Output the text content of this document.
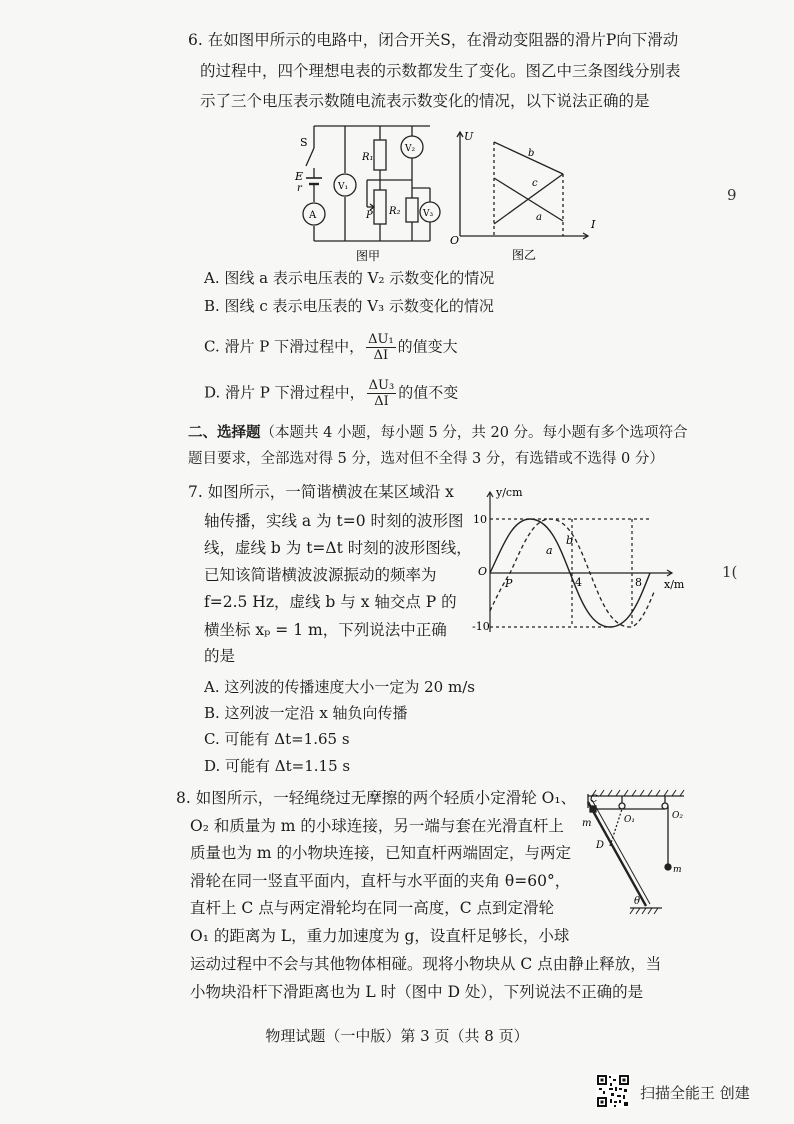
6. 在如图甲所示的电路中，闭合开关S，在滑动变阻器的滑片P向下滑动
的过程中，四个理想电表的示数都发生了变化。图乙中三条图线分别表
示了三个电压表示数随电流表示数变化的情况，以下说法正确的是
S
E
r
A
V₁
R₁
P R₂
V₂
V₃
图甲
U
I
O
b
c
a
图乙
A. 图线 a 表示电压表的 V₂ 示数变化的情况
B. 图线 c 表示电压表的 V₃ 示数变化的情况
C. 滑片 P 下滑过程中， $\frac{\text{ΔU₁}}{\Delta I}$ 的值变大
D. 滑片 P 下滑过程中， $\frac{\text{ΔU₃}}{\Delta I}$ 的值不变
二、选择题（本题共 4 小题，每小题 5 分，共 20 分。每小题有多个选项符合
题目要求，全部选对得 5 分，选对但不全得 3 分，有选错或不选得 0 分）
7. 如图所示，一简谐横波在某区域沿 x
轴传播，实线 a 为 t=0 时刻的波形图
线，虚线 b 为 t=Δt 时刻的波形图线，
已知该简谐横波波源振动的频率为
f=2.5 Hz，虚线 b 与 x 轴交点 P 的
横坐标 xₚ = 1 m，下列说法中正确
的是
y/cm
x/m
10
-10
O
P	4	8
a
b
A. 这列波的传播速度大小一定为 20 m/s
B. 这列波一定沿 x 轴负向传播
C. 可能有 Δt=1.65 s
D. 可能有 Δt=1.15 s
8. 如图所示，一轻绳绕过无摩擦的两个轻质小定滑轮 O₁、
O₂ 和质量为 m 的小球连接，另一端与套在光滑直杆上
质量也为 m 的小物块连接，已知直杆两端固定，与两定
滑轮在同一竖直平面内，直杆与水平面的夹角 θ=60°，
直杆上 C 点与两定滑轮均在同一高度，C 点到定滑轮
O₁ 的距离为 L，重力加速度为 g，设直杆足够长，小球
运动过程中不会与其他物体相碰。现将小物块从 C 点由静止释放，当
小物块沿杆下滑距离也为 L 时（图中 D 处），下列说法不正确的是
C
m
D
O₁	O₂
m
θ
物理试题（一中版）第 3 页（共 8 页）
9
1(
扫描全能王 创建
